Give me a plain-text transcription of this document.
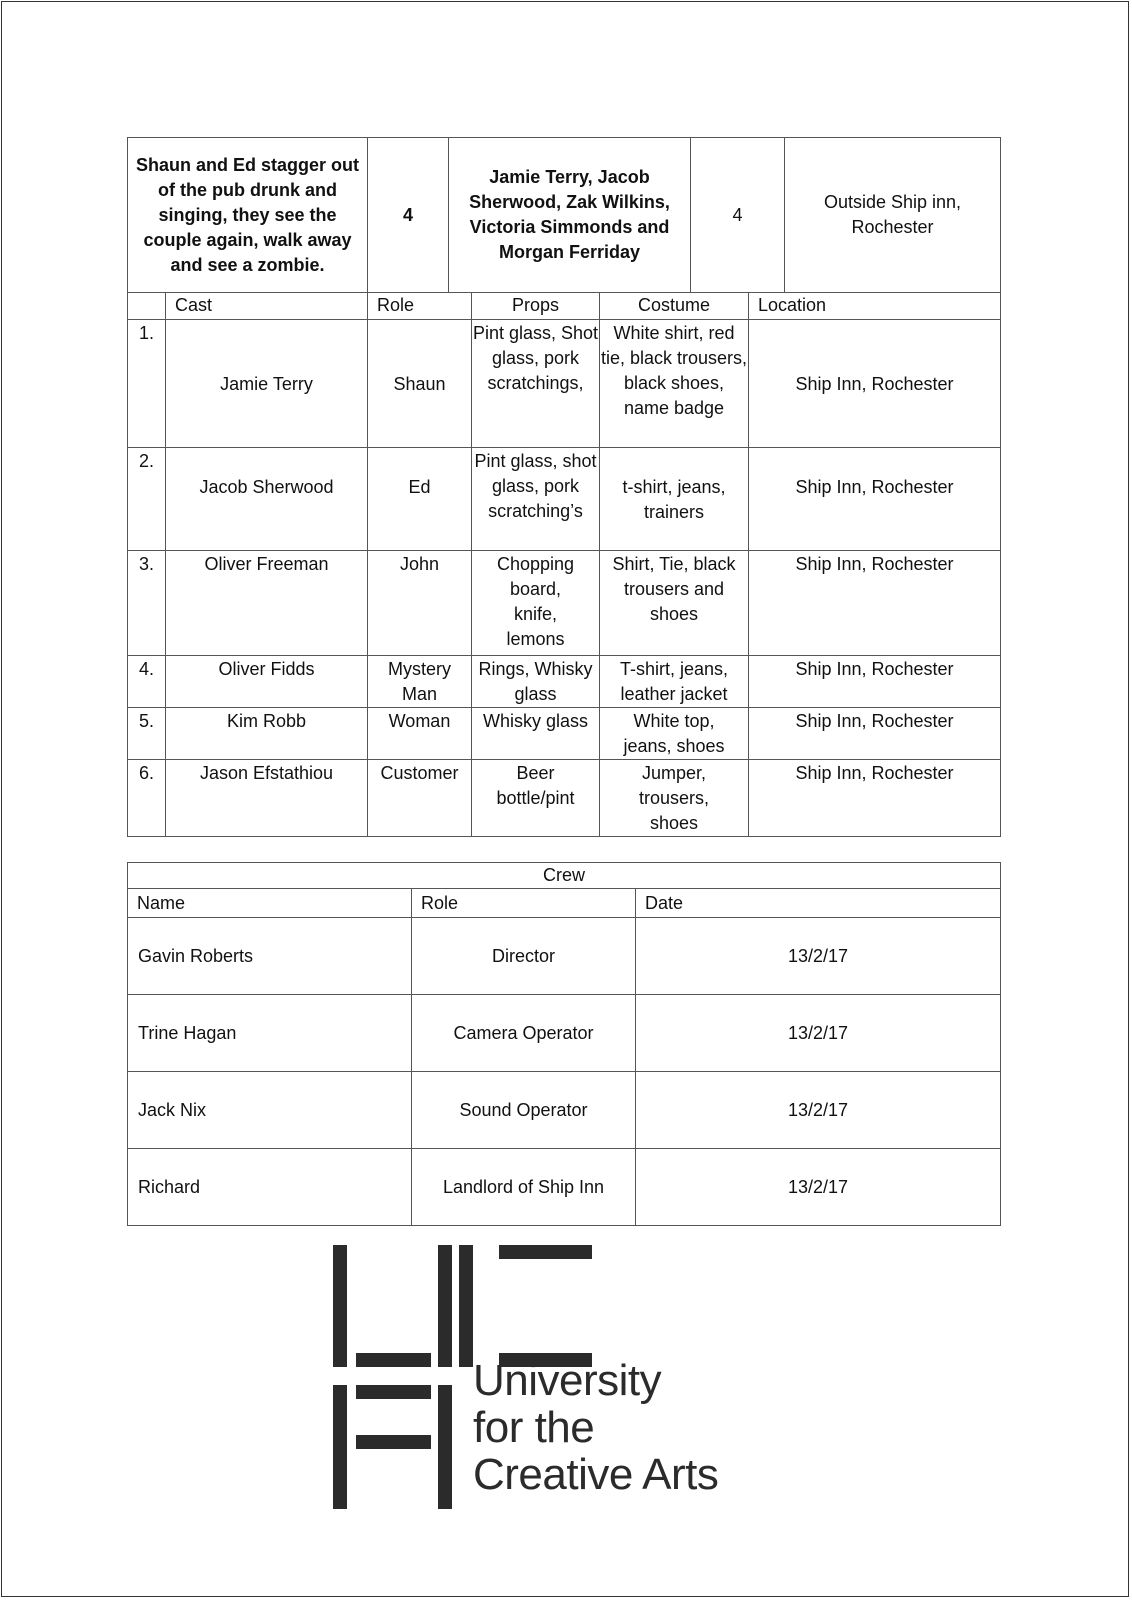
Shaun and Ed stagger out of the pub drunk and singing, they see the couple again, walk away and see a zombie.	4	Jamie Terry, Jacob Sherwood, Zak Wilkins, Victoria Simmonds and Morgan Ferriday	4	Outside Ship inn, Rochester
	Cast	Role	Props	Costume	Location
1.	Jamie Terry	Shaun	Pint glass, Shot glass, pork scratchings,	White shirt, red tie, black trousers, black shoes, name badge	Ship Inn, Rochester
2.	Jacob Sherwood	Ed	Pint glass, shot glass, pork scratching’s	t-shirt, jeans, trainers	Ship Inn, Rochester
3.	Oliver Freeman	John	Chopping board, knife, lemons	Shirt, Tie, black trousers and shoes	Ship Inn, Rochester
4.	Oliver Fidds	Mystery Man	Rings, Whisky glass	T-shirt, jeans, leather jacket	Ship Inn, Rochester
5.	Kim Robb	Woman	Whisky glass	White top, jeans, shoes	Ship Inn, Rochester
6.	Jason Efstathiou	Customer	Beer bottle/pint	Jumper, trousers, shoes	Ship Inn, Rochester
Crew		
Name	Role	Date
Gavin Roberts	Director	13/2/17
Trine Hagan	Camera Operator	13/2/17
Jack Nix	Sound Operator	13/2/17
Richard	Landlord of Ship Inn	13/2/17
University
for the
Creative Arts
